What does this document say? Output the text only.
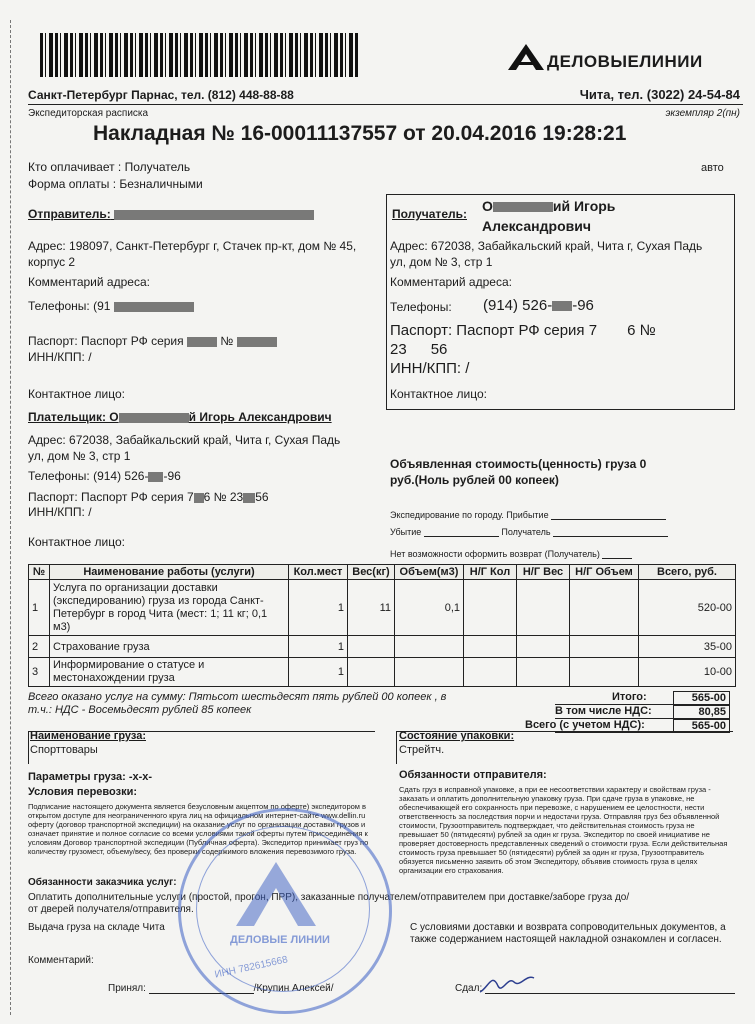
ДЕЛОВЫЕЛИНИИ
Санкт-Петербург Парнас, тел. (812) 448-88-88	Чита, тел. (3022) 24-54-84
Экспедиторская расписка	экземпляр 2(пн)
Накладная № 16-00011137557 от 20.04.2016 19:28:21
Кто оплачивает : Получатель
Форма оплаты : Безналичными
авто
Отправитель:
Адрес: 198097, Санкт-Петербург г, Стачек пр-кт, дом № 45, корпус 2
Комментарий адреса:
Телефоны: (91
Паспорт: Паспорт РФ серия	№
ИНН/КПП: /
Контактное лицо:
Получатель: О	ий Игорь
Александрович
Адрес: 672038, Забайкальский край, Чита г, Сухая Падь ул, дом № 3, стр 1
Комментарий адреса:
Телефоны: (914) 526- -96
Паспорт: Паспорт РФ серия 7 6 №
23 56
ИНН/КПП: /
Контактное лицо:
Плательщик: О	й Игорь Александрович
Адрес: 672038, Забайкальский край, Чита г, Сухая Падь ул, дом № 3, стр 1
Телефоны: (914) 526- -96
Паспорт: Паспорт РФ серия 7 6 № 23 56
ИНН/КПП: /
Контактное лицо:
Объявленная стоимость(ценность) груза 0
руб.(Ноль рублей 00 копеек)
Экспедирование по городу. Прибытие
Убытие	Получатель
Нет возможности оформить возврат (Получатель)
№	Наименование работы (услуги)	Кол.мест	Вес(кг)	Объем(м3)	Н/Г Кол	Н/Г Вес	Н/Г Объем	Всего, руб.
1	Услуга по организации доставки (экспедированию) груза из города Санкт-Петербург в город Чита (мест: 1; 11 кг; 0,1 м3)	1	11	0,1				520-00
2	Страхование груза	1						35-00
3	Информирование о статусе и местонахождении груза	1						10-00
Всего оказано услуг на сумму: Пятьсот шестьдесят пять рублей 00 копеек , в т.ч.: НДС - Восемьдесят рублей 85 копеек
Итого:	565-00
В том числе НДС:	80,85
Всего (с учетом НДС):	565-00
Наименование груза:
Спорттовары
Состояние упаковки:
Стрейтч.
Параметры груза: -x-x-
Условия перевозки:
Подписание настоящего документа является безусловным акцептом по оферте) экспедитором в открытом доступе для неограниченного круга лиц на официальном интернет-сайте www.dellin.ru оферту (договор транспортной экспедиции) на оказание услуг по организации доставки грузов и означает принятие и полное согласие со всеми условиями такой оферты путем присоединения к условиям Договор транспортной экспедиции (Публичная оферта). Экспедитор принимает груз по количеству грузомест, объему/весу, без проверки содержимого вложения перевозимого груза.
Обязанности отправителя:
Сдать груз в исправной упаковке, а при ее несоответствии характеру и свойствам груза - заказать и оплатить дополнительную упаковку груза. При сдаче груза в упаковке, не обеспечивающей его сохранность при перевозке, с нарушением ее целостности, нести ответственность за последствия порчи и недостачи груза. Отправляя груз без объявленной стоимости, Грузоотправитель подтверждает, что действительная стоимость груза не превышает 50 (пятидесяти) рублей за один кг груза. Экспедитор по своей инициативе не проверяет достоверность представленных сведений о стоимости груза. Если действительная стоимость груза превышает 50 (пятидесяти) рублей за один кг груза, Грузоотправитель обязуется письменно заявить об этом Экспедитору, объявив стоимость груза в целях организации его страхования.
Обязанности заказчика услуг:
Оплатить дополнительные услуги (простой, прогон, ПРР), заказанные получателем/отправителем при доставке/заборе груза до/от дверей получателя/отправителя.
Выдача груза на складе Чита	С условиями доставки и возврата сопроводительных документов, а также содержанием настоящей накладной ознакомлен и согласен.
Комментарий:
Принял:	/Крупин Алексей/	Сдал:
ДЕЛОВЫЕ ЛИНИИ
ИНН 782615668
